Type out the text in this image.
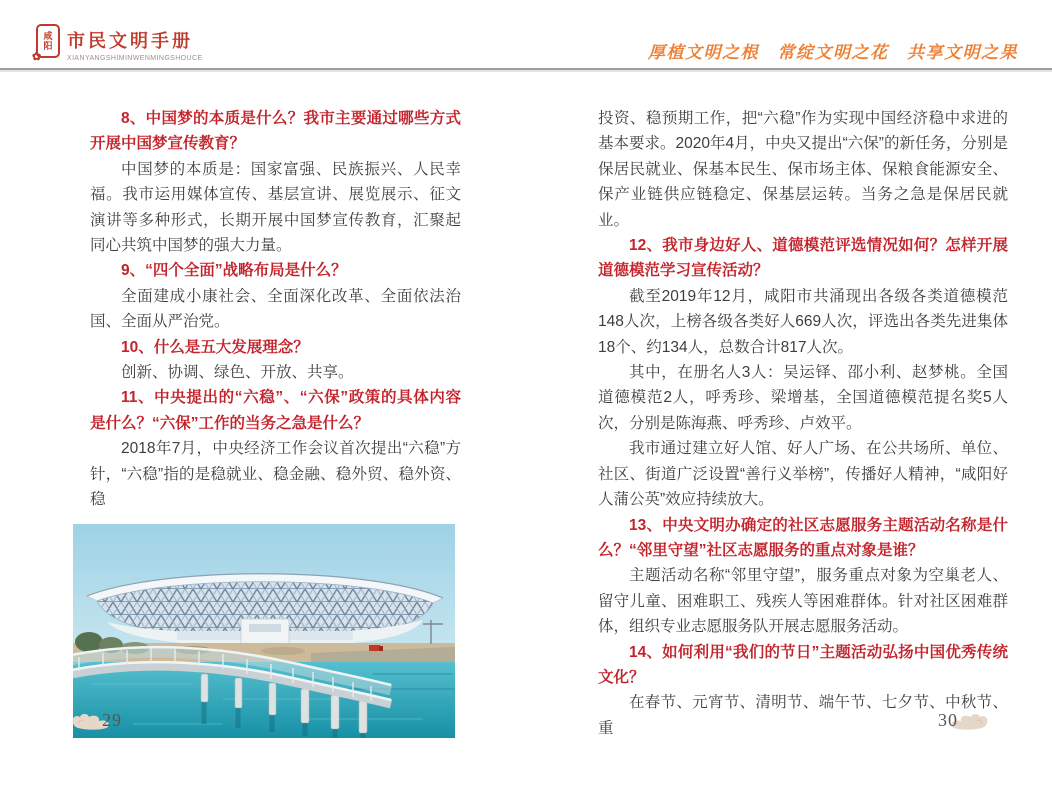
咸
阳
✿
市民文明手册
XIANYANGSHIMINWENMINGSHOUCE	厚植文明之根　常绽文明之花　共享文明之果

8、中国梦的本质是什么？我市主要通过哪些方式开展中国梦宣传教育？

中国梦的本质是：国家富强、民族振兴、人民幸福。我市运用媒体宣传、基层宣讲、展览展示、征文演讲等多种形式，长期开展中国梦宣传教育，汇聚起同心共筑中国梦的强大力量。

9、“四个全面”战略布局是什么？

全面建成小康社会、全面深化改革、全面依法治国、全面从严治党。

10、什么是五大发展理念？

创新、协调、绿色、开放、共享。

11、中央提出的“六稳”、“六保”政策的具体内容是什么？“六保”工作的当务之急是什么？

2018年7月，中央经济工作会议首次提出“六稳”方针，“六稳”指的是稳就业、稳金融、稳外贸、稳外资、稳

投资、稳预期工作，把“六稳”作为实现中国经济稳中求进的基本要求。2020年4月，中央又提出“六保”的新任务，分别是保居民就业、保基本民生、保市场主体、保粮食能源安全、保产业链供应链稳定、保基层运转。当务之急是保居民就业。

12、我市身边好人、道德模范评选情况如何？怎样开展道德模范学习宣传活动？

截至2019年12月，咸阳市共涌现出各级各类道德模范148人次，上榜各级各类好人669人次，评选出各类先进集体18个、约134人，总数合计817人次。

其中，在册名人3人：吴运铎、邵小利、赵梦桃。全国道德模范2人，呼秀珍、梁增基，全国道德模范提名奖5人次，分别是陈海燕、呼秀珍、卢效平。

我市通过建立好人馆、好人广场、在公共场所、单位、社区、街道广泛设置“善行义举榜”，传播好人精神，“咸阳好人蒲公英”效应持续放大。

13、中央文明办确定的社区志愿服务主题活动名称是什么？“邻里守望”社区志愿服务的重点对象是谁？

主题活动名称“邻里守望”，服务重点对象为空巢老人、留守儿童、困难职工、残疾人等困难群体。针对社区困难群体，组织专业志愿服务队开展志愿服务活动。

14、如何利用“我们的节日”主题活动弘扬中国优秀传统文化？

在春节、元宵节、清明节、端午节、七夕节、中秋节、重

29	30
